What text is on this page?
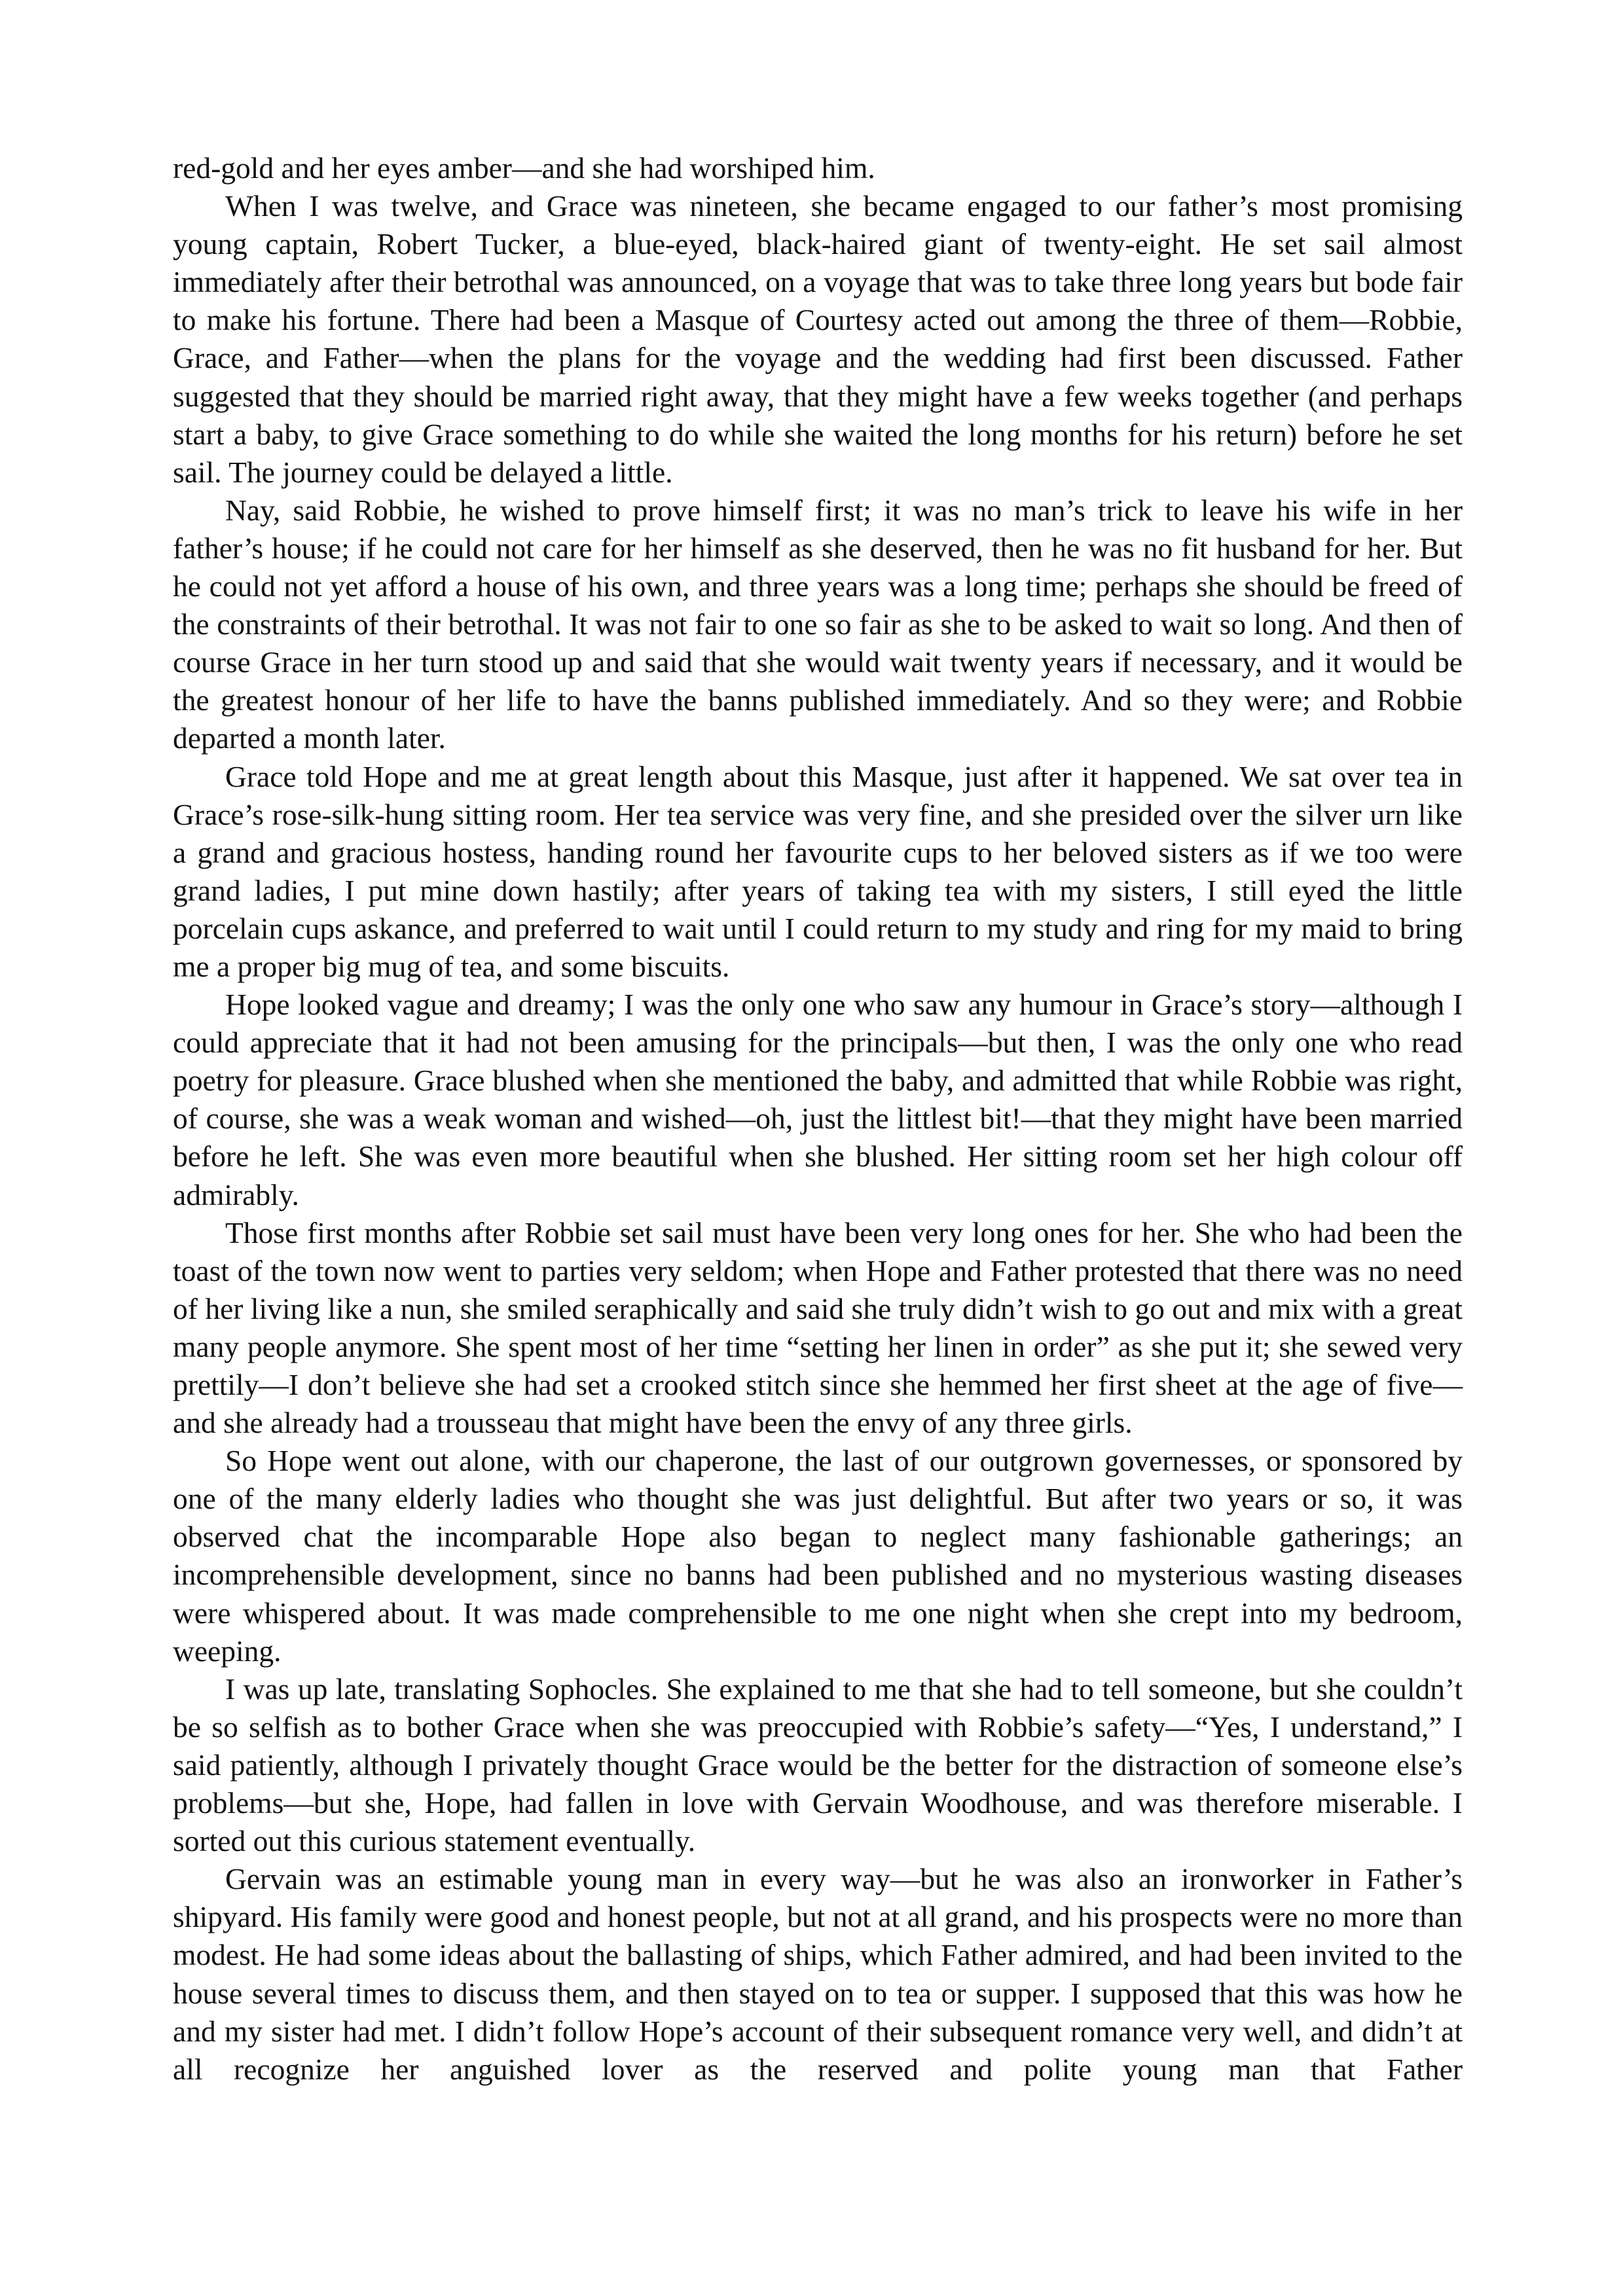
red-gold and her eyes amber—and she had worshiped him.

When I was twelve, and Grace was nineteen, she became engaged to our father’s most promising young captain, Robert Tucker, a blue-eyed, black-haired giant of twenty-eight. He set sail almost immediately after their betrothal was announced, on a voyage that was to take three long years but bode fair to make his fortune. There had been a Masque of Courtesy acted out among the three of them—Robbie, Grace, and Father—when the plans for the voyage and the wedding had first been discussed. Father suggested that they should be married right away, that they might have a few weeks together (and perhaps start a baby, to give Grace something to do while she waited the long months for his return) before he set sail. The journey could be delayed a little.

Nay, said Robbie, he wished to prove himself first; it was no man’s trick to leave his wife in her father’s house; if he could not care for her himself as she deserved, then he was no fit husband for her. But he could not yet afford a house of his own, and three years was a long time; perhaps she should be freed of the constraints of their betrothal. It was not fair to one so fair as she to be asked to wait so long. And then of course Grace in her turn stood up and said that she would wait twenty years if necessary, and it would be the greatest honour of her life to have the banns published immediately. And so they were; and Robbie departed a month later.

Grace told Hope and me at great length about this Masque, just after it happened. We sat over tea in Grace’s rose-silk-hung sitting room. Her tea service was very fine, and she presided over the silver urn like a grand and gracious hostess, handing round her favourite cups to her beloved sisters as if we too were grand ladies, I put mine down hastily; after years of taking tea with my sisters, I still eyed the little porcelain cups askance, and preferred to wait until I could return to my study and ring for my maid to bring me a proper big mug of tea, and some biscuits.

Hope looked vague and dreamy; I was the only one who saw any humour in Grace’s story—although I could appreciate that it had not been amusing for the principals—but then, I was the only one who read poetry for pleasure. Grace blushed when she mentioned the baby, and admitted that while Robbie was right, of course, she was a weak woman and wished—oh, just the littlest bit!—that they might have been married before he left. She was even more beautiful when she blushed. Her sitting room set her high colour off admirably.

Those first months after Robbie set sail must have been very long ones for her. She who had been the toast of the town now went to parties very seldom; when Hope and Father protested that there was no need of her living like a nun, she smiled seraphically and said she truly didn’t wish to go out and mix with a great many people anymore. She spent most of her time “setting her linen in order” as she put it; she sewed very prettily—I don’t believe she had set a crooked stitch since she hemmed her first sheet at the age of five—and she already had a trousseau that might have been the envy of any three girls.

So Hope went out alone, with our chaperone, the last of our outgrown governesses, or sponsored by one of the many elderly ladies who thought she was just delightful. But after two years or so, it was observed chat the incomparable Hope also began to neglect many fashionable gatherings; an incomprehensible development, since no banns had been published and no mysterious wasting diseases were whispered about. It was made comprehensible to me one night when she crept into my bedroom, weeping.

I was up late, translating Sophocles. She explained to me that she had to tell someone, but she couldn’t be so selfish as to bother Grace when she was preoccupied with Robbie’s safety—“Yes, I understand,” I said patiently, although I privately thought Grace would be the better for the distraction of someone else’s problems—but she, Hope, had fallen in love with Gervain Woodhouse, and was therefore miserable. I sorted out this curious statement eventually.

Gervain was an estimable young man in every way—but he was also an ironworker in Father’s shipyard. His family were good and honest people, but not at all grand, and his prospects were no more than modest. He had some ideas about the ballasting of ships, which Father admired, and had been invited to the house several times to discuss them, and then stayed on to tea or supper. I supposed that this was how he and my sister had met. I didn’t follow Hope’s account of their subsequent romance very well, and didn’t at all recognize her anguished lover as the reserved and polite young man that Father
